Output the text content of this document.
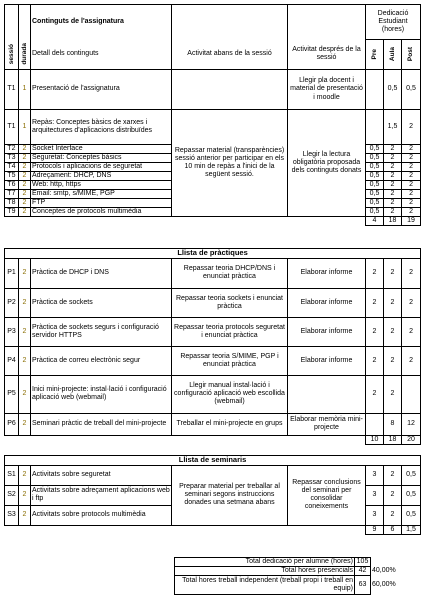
		Continguts de l'assignatura			Dedicació Estudiant (hores)		

sessió	durada	Detall dels continguts	Activitat abans de la sessió	Activitat després de la sessió	Pre	Aula	Post

T1	1	Presentació de l'assignatura		Llegir pla docent i material de presentació i moodle		0,5	0,5
T1	1	Repàs: Conceptes bàsics de xarxes i arquitectures d'aplicacions distribuïdes	Repassar material (transparències) sessió anterior per participar en els 10 min de repàs a l'inici de la següent sessió.	Llegir la lectura obligatòria proposada dels continguts donats		1,5	2
T2	2	Socket Interface			0,5	2	2
T3	2	Seguretat: Conceptes bàsics			0,5	2	2
T4	2	Protocols i aplicacions de seguretat			0,5	2	2
T5	2	Adreçament: DHCP, DNS			0,5	2	2
T6	2	Web: http, https			0,5	2	2
T7	2	Email: smtp, s/MIME, PGP			0,5	2	2
T8	2	FTP			0,5	2	2
T9	2	Conceptes de protocols multimèdia			0,5	2	2
					4	18	19
Llista de pràctiques							
P1	2	Pràctica de DHCP i DNS	Repassar teoria DHCP/DNS i enunciat pràctica	Elaborar informe	2	2	2
P2	2	Pràctica de sockets	Repassar teoria sockets i enunciat pràctica	Elaborar informe	2	2	2
P3	2	Pràctica de sockets segurs i configuració servidor HTTPS	Repassar teoria protocols seguretat i enunciat pràctica	Elaborar informe	2	2	2
P4	2	Pràctica de correu electrònic segur	Repassar teoria S/MIME, PGP i enunciat pràctica	Elaborar informe	2	2	2
P5	2	Inici mini-projecte: instal·lació i configuració aplicació web (webmail)	Llegir manual instal·lació i configuració aplicació web escollida (webmail)		2	2	
P6	2	Seminari pràctic de treball del mini-projecte	Treballar el mini-projecte en grups	Elaborar memòria mini-projecte		8	12
					10	18	20
Llista de seminaris							
S1	2	Activitats sobre seguretat	Preparar material per treballar al seminari segons instruccions donades una setmana abans	Repassar conclusions del seminari per consolidar coneixements	3	2	0,5
S2	2	Activitats sobre adreçament aplicacions web i ftp			3	2	0,5
S3	2	Activitats sobre protocols multimèdia			3	2	0,5
					9	6	1,5
Total dedicació per alumne (hores)	105	
Total hores presencials	42	40,00%
Total hores treball independent (treball propi i treball en equip)	63	60,00%
